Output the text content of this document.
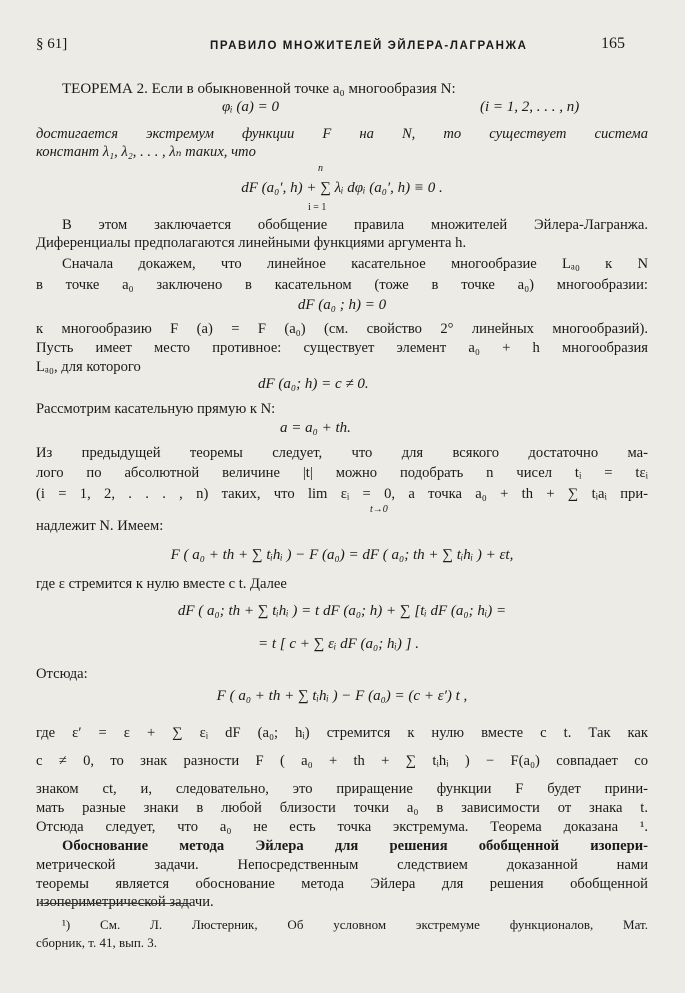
§ 61]	ПРАВИЛО МНОЖИТЕЛЕЙ ЭЙЛЕРА-ЛАГРАНЖА	165
ТЕОРЕМА 2. Если в обыкновенной точке a₀ многообразия N:
φᵢ (a) = 0	(i = 1, 2, . . . , n)
достигается экстремум функции F на N, то существует система
констант λ₁, λ₂, . . . , λₙ таких, что
n
dF (a₀′, h) + ∑ λᵢ dφᵢ (a₀′, h) ≡ 0 .
i = 1
В этом заключается обобщение правила множителей Эйлера-Лагранжа.
Диференциалы предполагаются линейными функциями аргумента h.
Сначала докажем, что линейное касательное многообразие Lₐ₀ к N
в точке a₀ заключено в касательном (тоже в точке a₀) многообразии:
dF (a₀ ; h) = 0
к многообразию F (a) = F (a₀) (см. свойство 2° линейных многообразий).
Пусть имеет место противное: существует элемент a₀ + h многообразия
Lₐ₀, для которого
dF (a₀; h) = c ≠ 0.
Рассмотрим касательную прямую к N:
a = a₀ + th.
Из предыдущей теоремы следует, что для всякого достаточно ма-
лого по абсолютной величине |t| можно подобрать n чисел tᵢ = tεᵢ
(i = 1, 2, . . . , n) таких, что lim εᵢ = 0, а точка a₀ + th + ∑ tᵢaᵢ при-
t→0
надлежит N. Имеем:
F ( a₀ + th + ∑ tᵢhᵢ ) − F (a₀) = dF ( a₀; th + ∑ tᵢhᵢ ) + εt,
где ε стремится к нулю вместе с t. Далее
dF ( a₀; th + ∑ tᵢhᵢ ) = t dF (a₀; h) + ∑ [tᵢ dF (a₀; hᵢ) =
= t [ c + ∑ εᵢ dF (a₀; hᵢ) ] .
Отсюда:
F ( a₀ + th + ∑ tᵢhᵢ ) − F (a₀) = (c + ε′) t ,
где ε′ = ε + ∑ εᵢ dF (a₀; hᵢ) стремится к нулю вместе с t. Так как
c ≠ 0, то знак разности F ( a₀ + th + ∑ tᵢhᵢ ) − F(a₀) совпадает со
знаком ct, и, следовательно, это приращение функции F будет прини-
мать разные знаки в любой близости точки a₀ в зависимости от знака t.
Отсюда следует, что a₀ не есть точка экстремума. Теорема доказана ¹.
Обоснование метода Эйлера для решения обобщенной изопери-
метрической задачи. Непосредственным следствием доказанной нами
теоремы является обоснование метода Эйлера для решения обобщенной
изопериметрической задачи.
¹) См. Л. Люстерник, Об условном экстремуме функционалов, Мат.
сборник, т. 41, вып. 3.
